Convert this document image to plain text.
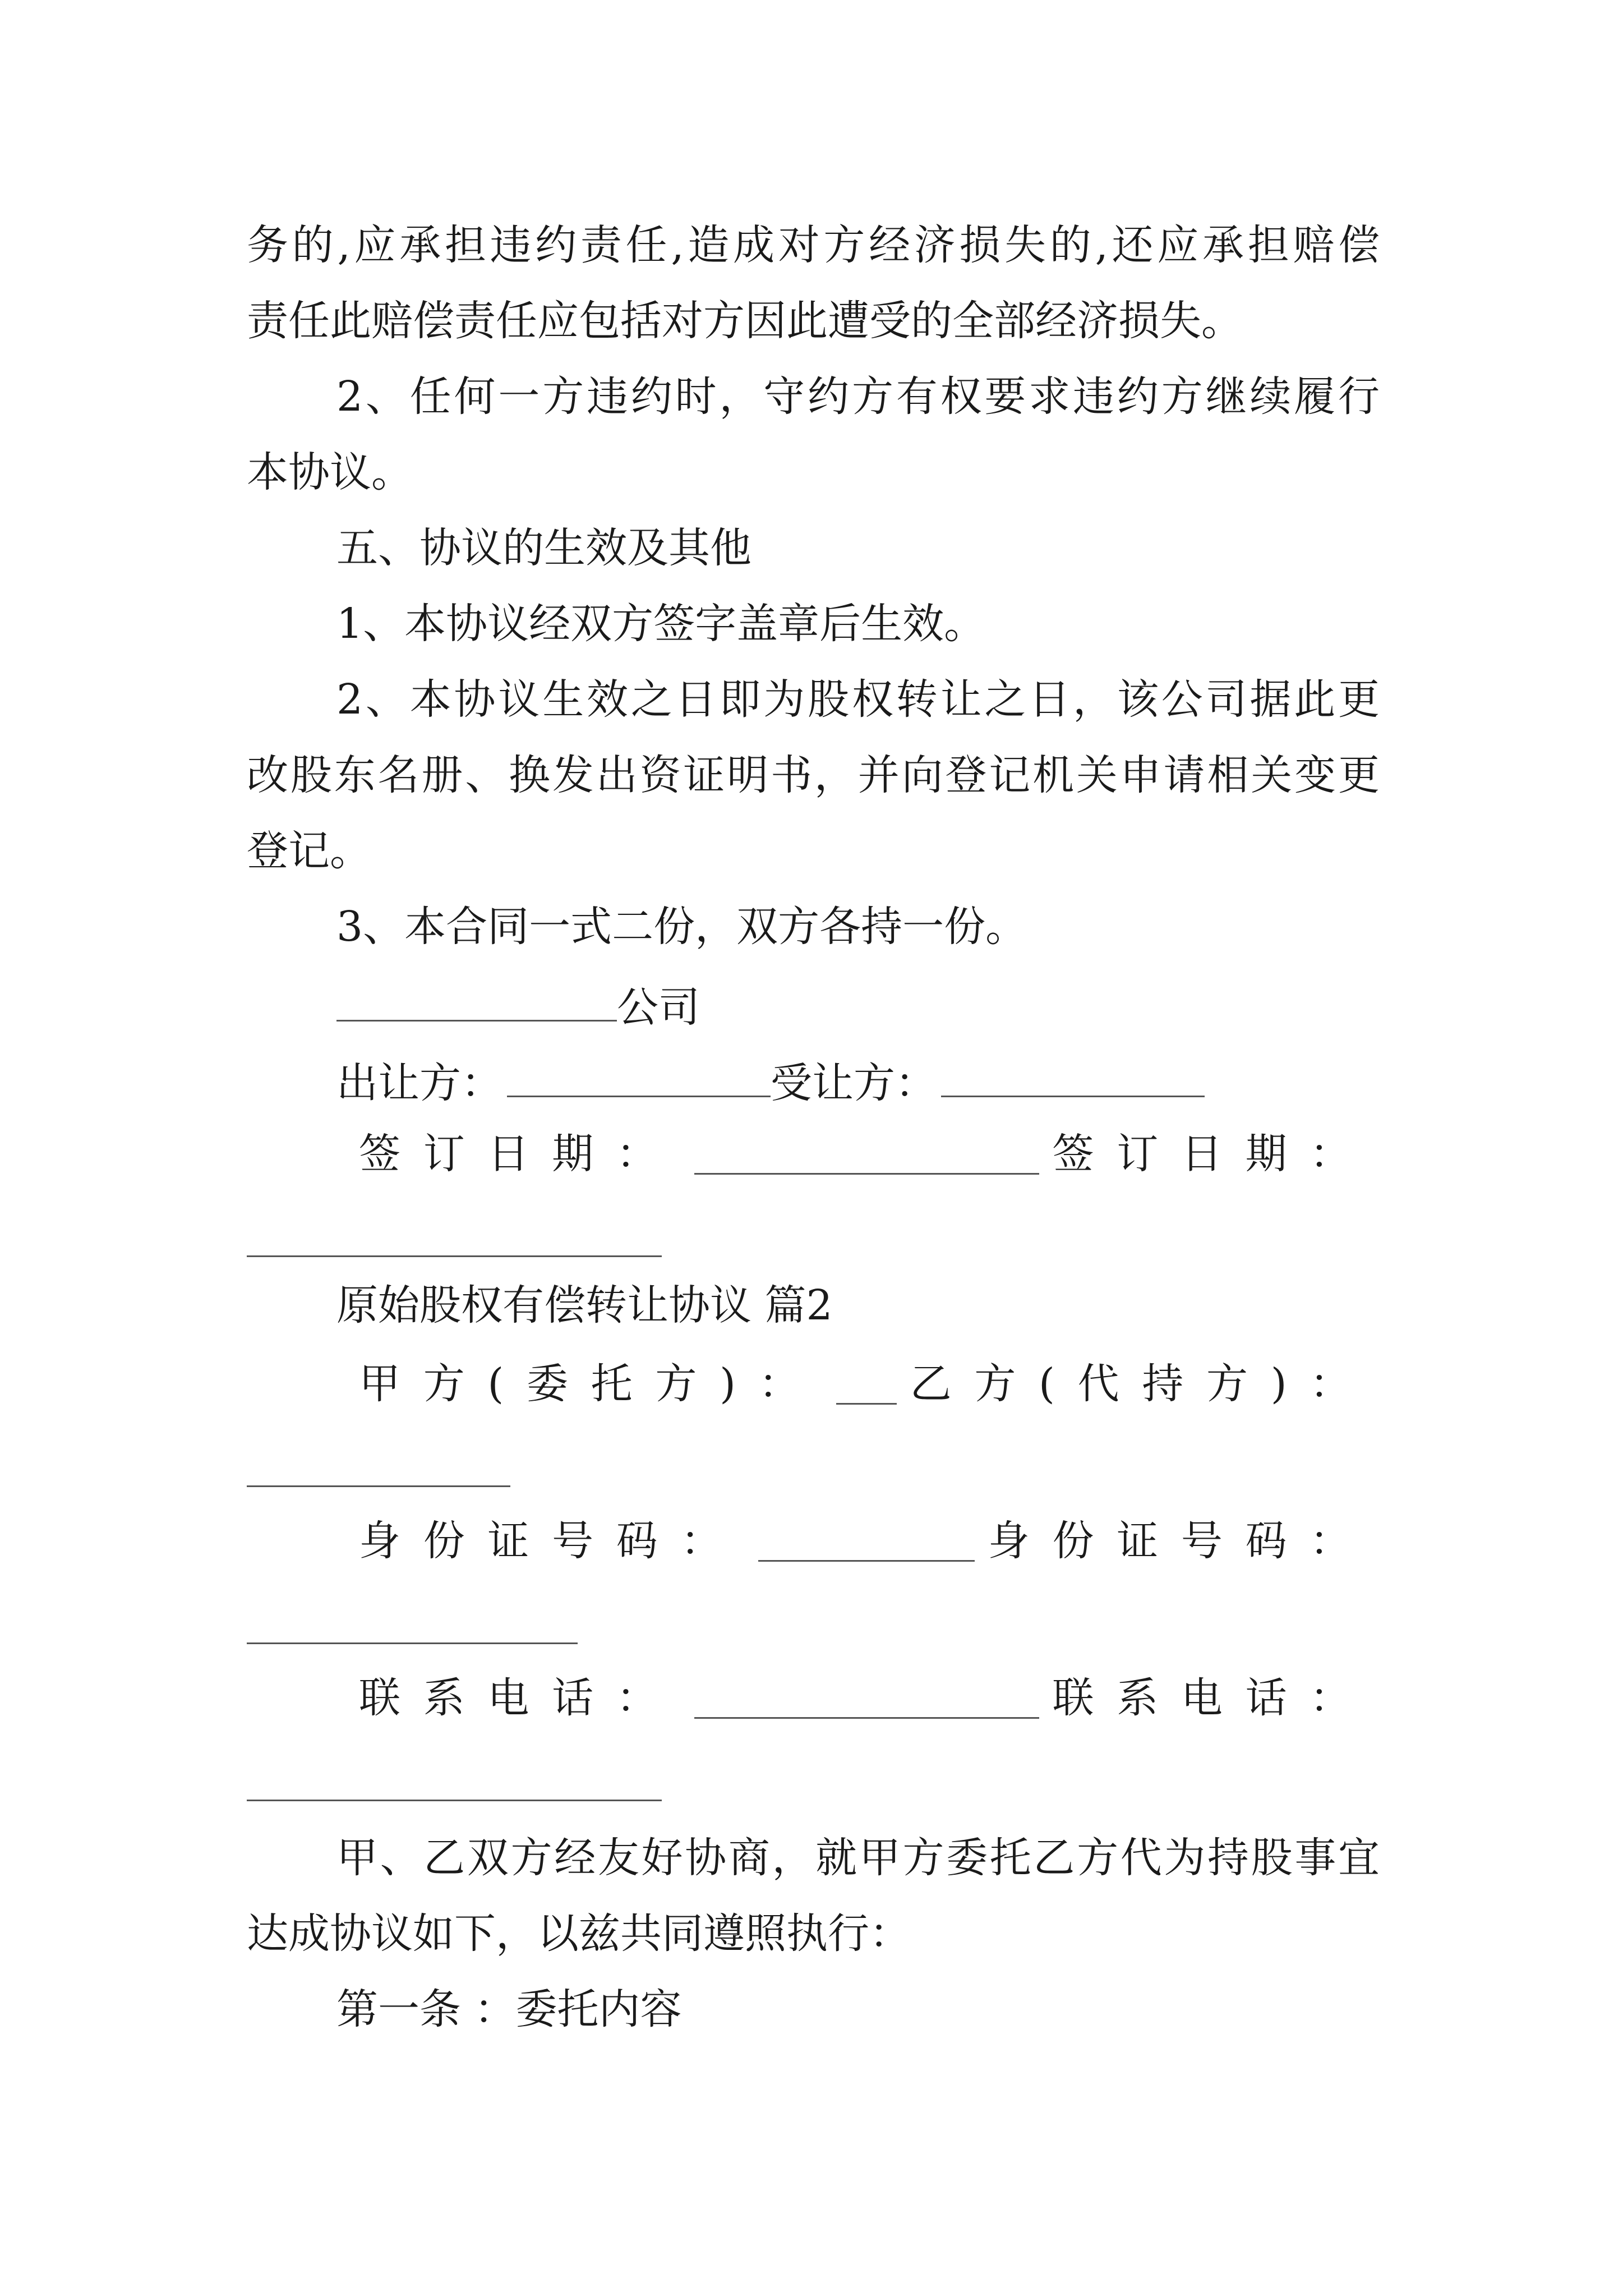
务的,应承担违约责任,造成对方经济损失的,还应承担赔偿

责任此赔偿责任应包括对方因此遭受的全部经济损失。

2、任何一方违约时，守约方有权要求违约方继续履行

本协议。

五、协议的生效及其他

1、本协议经双方签字盖章后生效。

2、本协议生效之日即为股权转让之日，该公司据此更

改股东名册、换发出资证明书，并向登记机关申请相关变更

登记。

3、本合同一式二份，双方各持一份。

公司

出让方：	受让方：

签订日期：	签订日期：

原始股权有偿转让协议 篇2

甲方(委托方)： 乙方(代持方)：
身份证号码：	身份证号码：
联系电话：	联系电话：

甲、乙双方经友好协商，就甲方委托乙方代为持股事宜

达成协议如下，以兹共同遵照执行：

第一条 ：委托内容
